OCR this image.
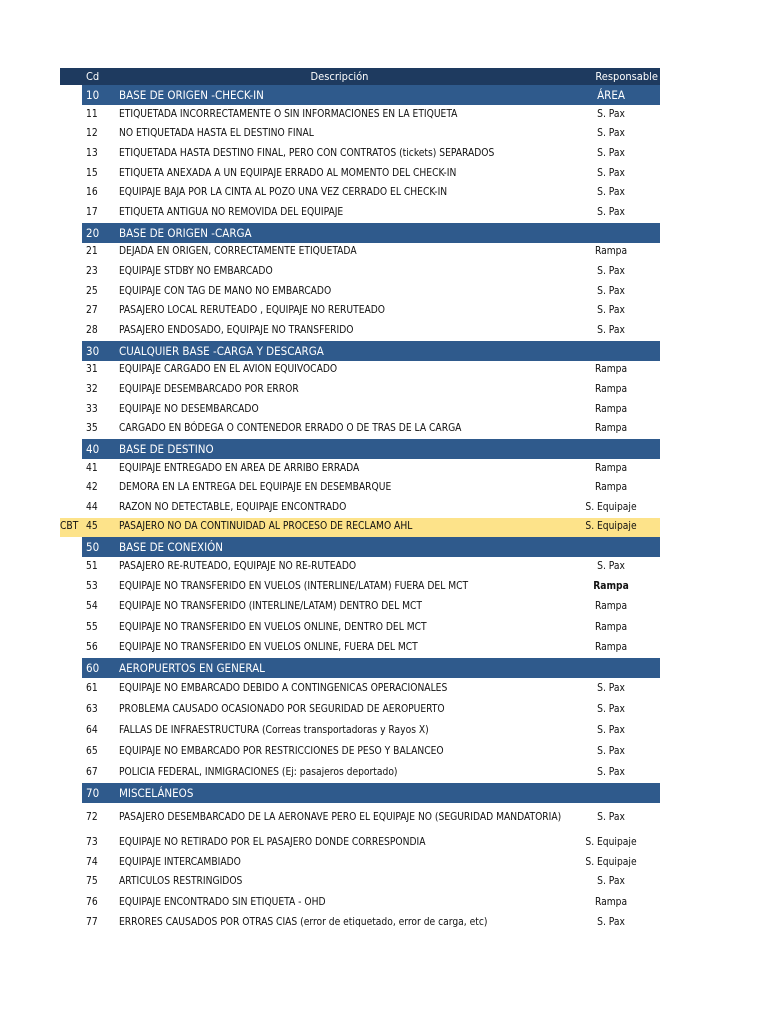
	Cd	Descripción	Responsable
	10	BASE DE ORIGEN -CHECK-IN	ÁREA
	11	ETIQUETADA INCORRECTAMENTE O SIN INFORMACIONES EN LA ETIQUETA	S. Pax
	12	NO ETIQUETADA HASTA EL DESTINO FINAL	S. Pax
	13	ETIQUETADA HASTA DESTINO FINAL, PERO CON CONTRATOS (tickets) SEPARADOS	S. Pax
	15	ETIQUETA ANEXADA A UN EQUIPAJE ERRADO AL MOMENTO DEL CHECK-IN	S. Pax
	16	EQUIPAJE BAJA POR LA CINTA AL POZO UNA VEZ CERRADO EL CHECK-IN	S. Pax
	17	ETIQUETA ANTIGUA NO REMOVIDA DEL EQUIPAJE	S. Pax
	20	BASE DE ORIGEN -CARGA	
	21	DEJADA EN ORIGEN, CORRECTAMENTE ETIQUETADA	Rampa
	23	EQUIPAJE STDBY NO EMBARCADO	S. Pax
	25	EQUIPAJE CON TAG DE MANO NO EMBARCADO	S. Pax
	27	PASAJERO LOCAL RERUTEADO , EQUIPAJE NO RERUTEADO	S. Pax
	28	PASAJERO ENDOSADO, EQUIPAJE NO TRANSFERIDO	S. Pax
	30	CUALQUIER BASE -CARGA Y DESCARGA	
	31	EQUIPAJE CARGADO EN EL AVION EQUIVOCADO	Rampa
	32	EQUIPAJE DESEMBARCADO POR ERROR	Rampa
	33	EQUIPAJE NO DESEMBARCADO	Rampa
	35	CARGADO EN BÓDEGA O CONTENEDOR ERRADO O DE TRAS DE LA CARGA	Rampa
	40	BASE DE DESTINO	
	41	EQUIPAJE ENTREGADO EN AREA DE ARRIBO ERRADA	Rampa
	42	DEMORA EN LA ENTREGA DEL EQUIPAJE EN DESEMBARQUE	Rampa
	44	RAZON NO DETECTABLE, EQUIPAJE ENCONTRADO	S. Equipaje
CBT	45	PASAJERO NO DA CONTINUIDAD AL PROCESO DE RECLAMO AHL	S. Equipaje
	50	BASE DE CONEXIÓN	
	51	PASAJERO RE-RUTEADO, EQUIPAJE NO RE-RUTEADO	S. Pax
	53	EQUIPAJE NO TRANSFERIDO EN VUELOS (INTERLINE/LATAM) FUERA DEL MCT	Rampa
	54	EQUIPAJE NO TRANSFERIDO (INTERLINE/LATAM) DENTRO DEL MCT	Rampa
	55	EQUIPAJE NO TRANSFERIDO EN VUELOS ONLINE, DENTRO DEL MCT	Rampa
	56	EQUIPAJE NO TRANSFERIDO EN VUELOS ONLINE, FUERA DEL MCT	Rampa
	60	AEROPUERTOS EN GENERAL	
	61	EQUIPAJE NO EMBARCADO DEBIDO A CONTINGENICAS OPERACIONALES	S. Pax
	63	PROBLEMA CAUSADO OCASIONADO POR SEGURIDAD DE AEROPUERTO	S. Pax
	64	FALLAS DE INFRAESTRUCTURA (Correas transportadoras y Rayos X)	S. Pax
	65	EQUIPAJE NO EMBARCADO POR RESTRICCIONES DE PESO Y BALANCEO	S. Pax
	67	POLICIA FEDERAL, INMIGRACIONES (Ej: pasajeros deportado)	S. Pax
	70	MISCELÁNEOS	
	72	PASAJERO DESEMBARCADO DE LA AERONAVE PERO EL EQUIPAJE NO (SEGURIDAD MANDATORIA)	S. Pax
	73	EQUIPAJE NO RETIRADO POR EL PASAJERO DONDE CORRESPONDIA	S. Equipaje
	74	EQUIPAJE INTERCAMBIADO	S. Equipaje
	75	ARTICULOS RESTRINGIDOS	S. Pax
	76	EQUIPAJE ENCONTRADO SIN ETIQUETA - OHD	Rampa
	77	ERRORES CAUSADOS POR OTRAS CIAS (error de etiquetado, error de carga, etc)	S. Pax
